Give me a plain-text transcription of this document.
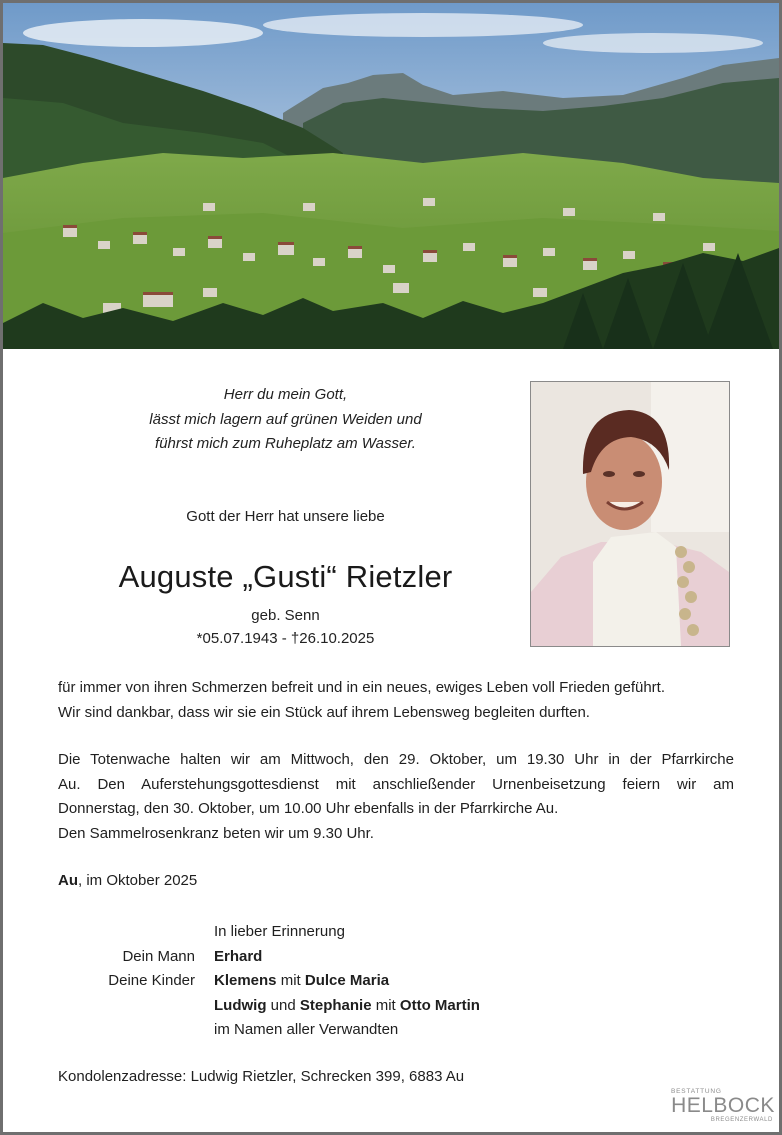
Herr du mein Gott,
lässt mich lagern auf grünen Weiden und
führst mich zum Ruheplatz am Wasser.
Gott der Herr hat unsere liebe
Auguste „Gusti“ Rietzler
geb. Senn
*05.07.1943 - †26.10.2025
für immer von ihren Schmerzen befreit und in ein neues, ewiges Leben voll Frieden geführt.
Wir sind dankbar, dass wir sie ein Stück auf ihrem Lebensweg begleiten durften.
Die Totenwache halten wir am Mittwoch, den 29. Oktober, um 19.30 Uhr in der Pfarrkirche
Au. Den Auferstehungsgottesdienst mit anschließender Urnenbeisetzung feiern wir am
Donnerstag, den 30. Oktober, um 10.00 Uhr ebenfalls in der Pfarrkirche Au.
Den Sammelrosenkranz beten wir um 9.30 Uhr.
Au, im Oktober 2025
Dein Mann
Deine Kinder
In lieber Erinnerung
Erhard
Klemens mit Dulce Maria
Ludwig und Stephanie mit Otto Martin
im Namen aller Verwandten
Kondolenzadresse: Ludwig Rietzler, Schrecken 399, 6883 Au
BESTATTUNG
HELBOCK
BREGENZERWALD
